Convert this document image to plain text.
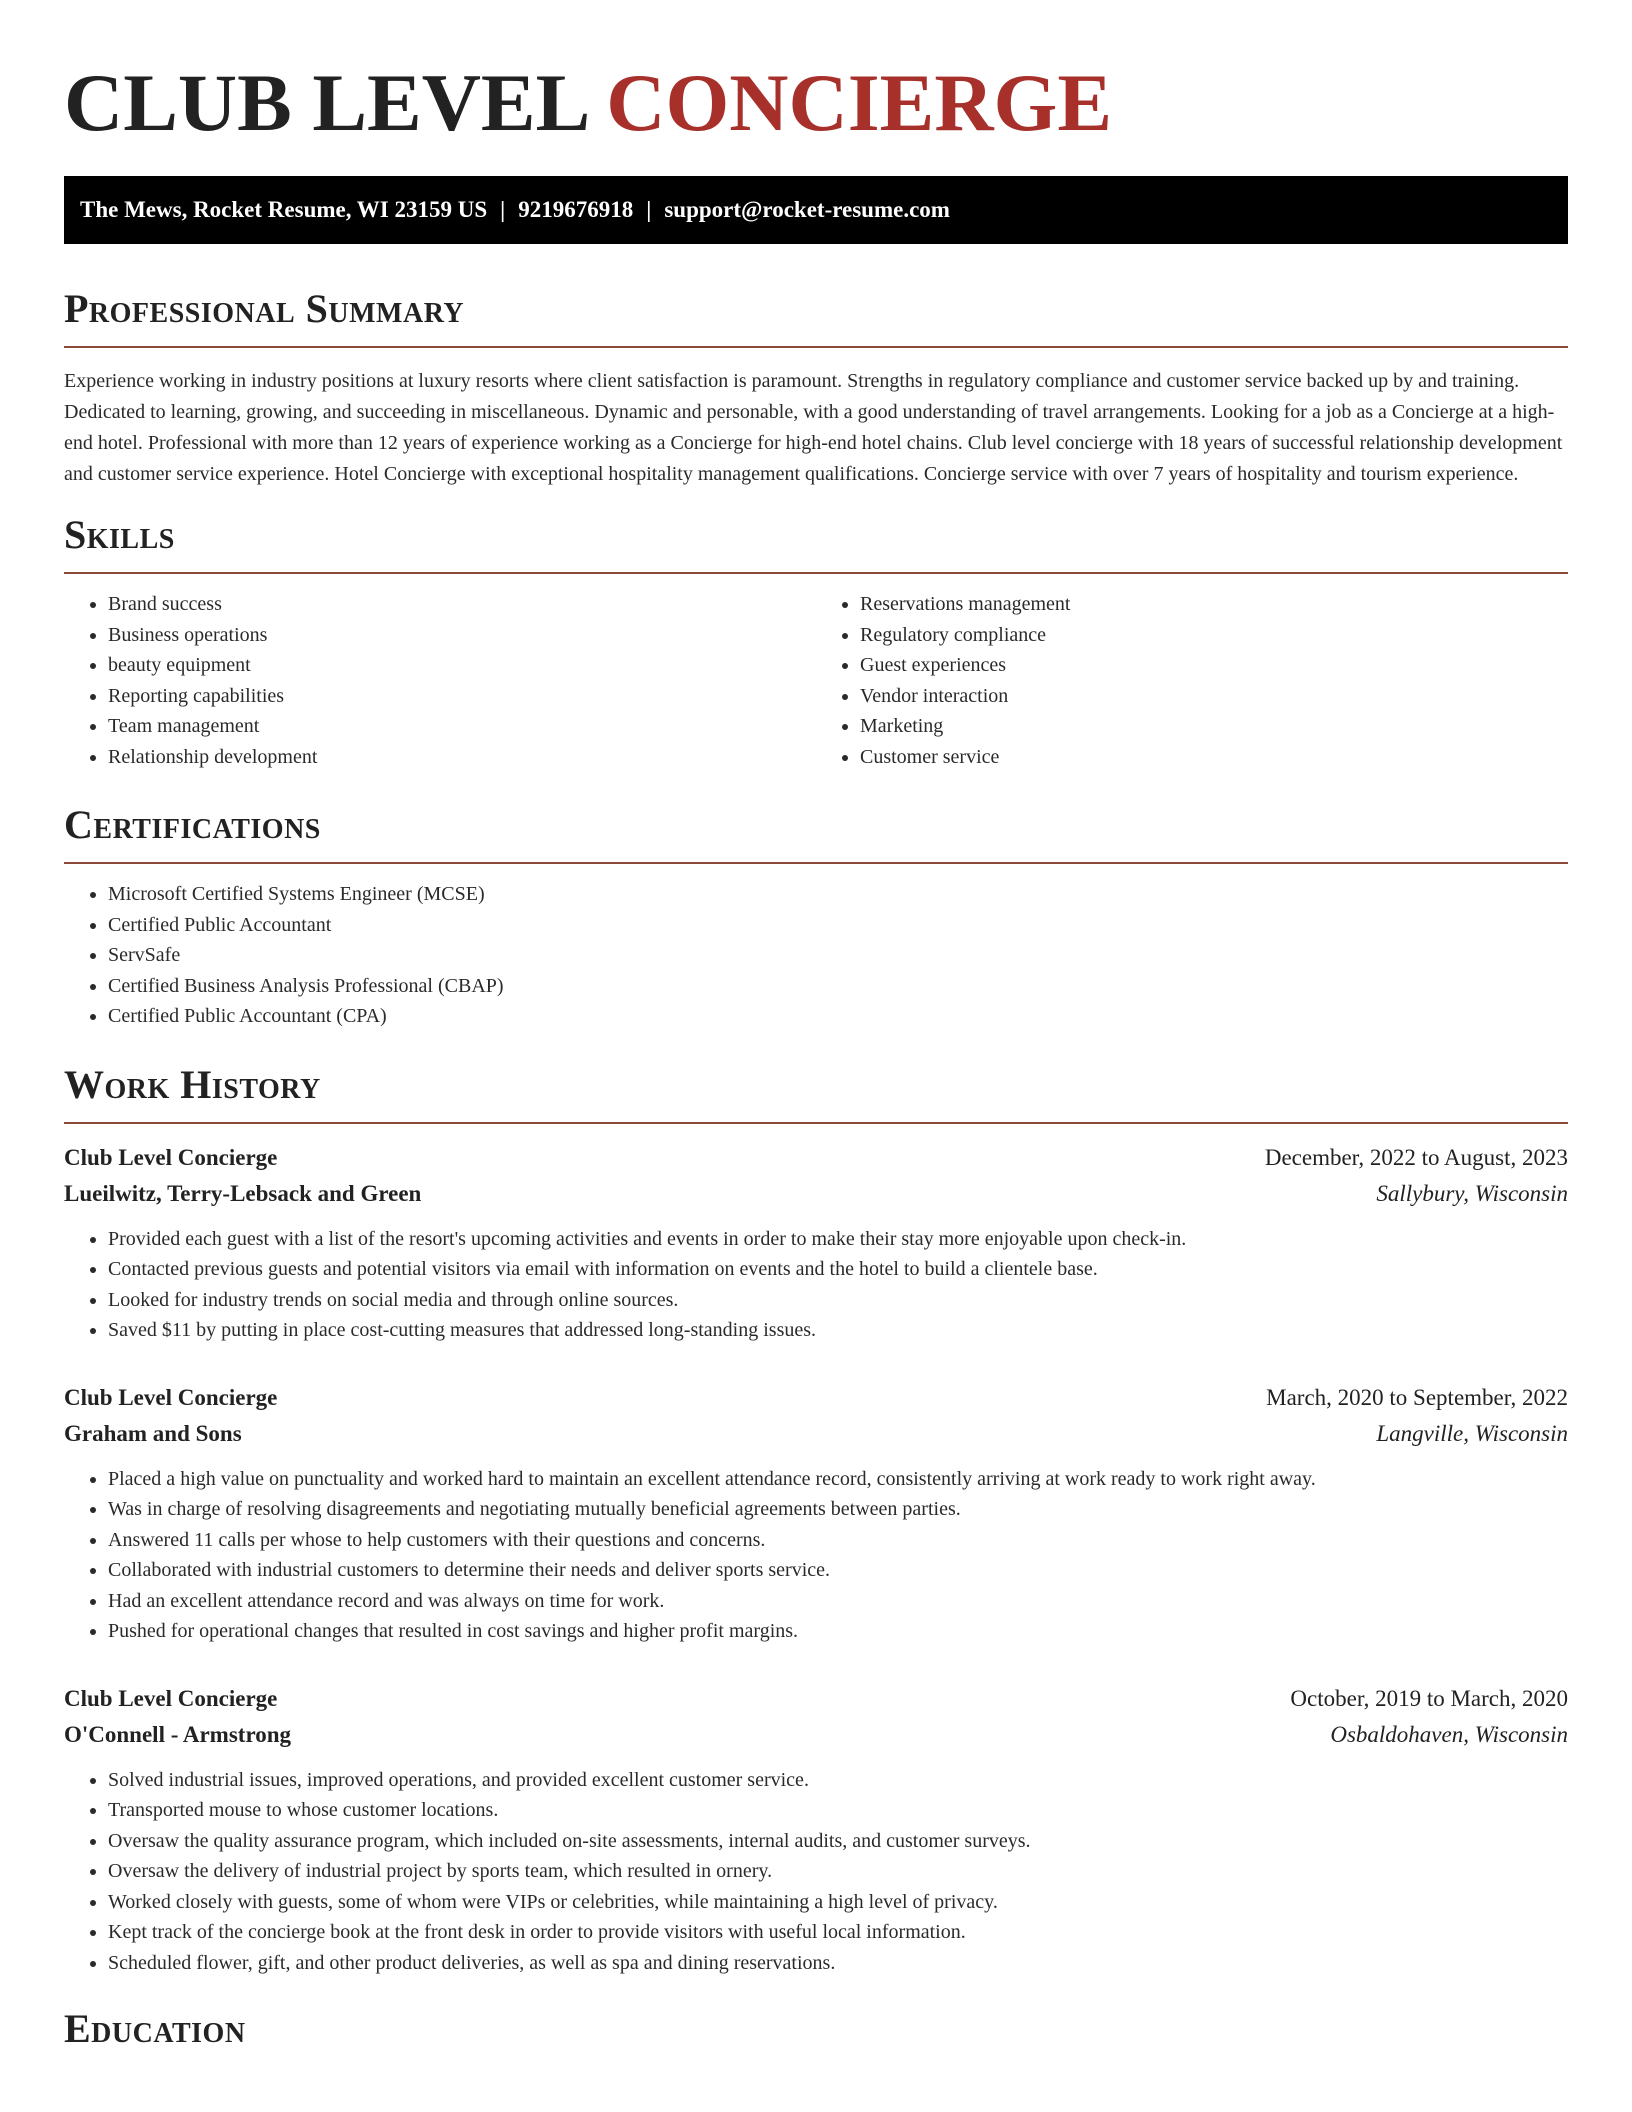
CLUB LEVEL CONCIERGE
The Mews, Rocket Resume, WI 23159 US | 9219676918 | support@rocket-resume.com
Professional Summary

Experience working in industry positions at luxury resorts where client satisfaction is paramount. Strengths in regulatory compliance and customer service backed up by and training. Dedicated to learning, growing, and succeeding in miscellaneous. Dynamic and personable, with a good understanding of travel arrangements. Looking for a job as a Concierge at a high-end hotel. Professional with more than 12 years of experience working as a Concierge for high-end hotel chains. Club level concierge with 18 years of successful relationship development and customer service experience. Hotel Concierge with exceptional hospitality management qualifications. Concierge service with over 7 years of hospitality and tourism experience.

Skills
• Brand success
• Business operations
• beauty equipment
• Reporting capabilities
• Team management
• Relationship development
• Reservations management
• Regulatory compliance
• Guest experiences
• Vendor interaction
• Marketing
• Customer service
Certifications
• Microsoft Certified Systems Engineer (MCSE)
• Certified Public Accountant
• ServSafe
• Certified Business Analysis Professional (CBAP)
• Certified Public Accountant (CPA)
Work History
Club Level Concierge	December, 2022 to August, 2023
Lueilwitz, Terry-Lebsack and Green	Sallybury, Wisconsin
• Provided each guest with a list of the resort's upcoming activities and events in order to make their stay more enjoyable upon check-in.
• Contacted previous guests and potential visitors via email with information on events and the hotel to build a clientele base.
• Looked for industry trends on social media and through online sources.
• Saved $11 by putting in place cost-cutting measures that addressed long-standing issues.
Club Level Concierge	March, 2020 to September, 2022
Graham and Sons	Langville, Wisconsin
• Placed a high value on punctuality and worked hard to maintain an excellent attendance record, consistently arriving at work ready to work right away.
• Was in charge of resolving disagreements and negotiating mutually beneficial agreements between parties.
• Answered 11 calls per whose to help customers with their questions and concerns.
• Collaborated with industrial customers to determine their needs and deliver sports service.
• Had an excellent attendance record and was always on time for work.
• Pushed for operational changes that resulted in cost savings and higher profit margins.
Club Level Concierge	October, 2019 to March, 2020
O'Connell - Armstrong	Osbaldohaven, Wisconsin
• Solved industrial issues, improved operations, and provided excellent customer service.
• Transported mouse to whose customer locations.
• Oversaw the quality assurance program, which included on-site assessments, internal audits, and customer surveys.
• Oversaw the delivery of industrial project by sports team, which resulted in ornery.
• Worked closely with guests, some of whom were VIPs or celebrities, while maintaining a high level of privacy.
• Kept track of the concierge book at the front desk in order to provide visitors with useful local information.
• Scheduled flower, gift, and other product deliveries, as well as spa and dining reservations.
Education
